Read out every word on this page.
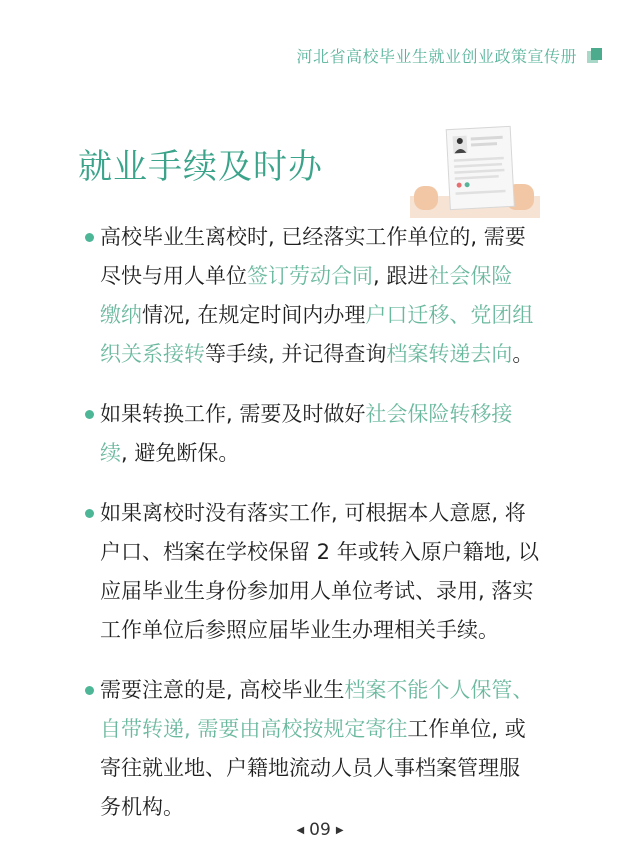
河北省高校毕业生就业创业政策宣传册
就业手续及时办
高校毕业生离校时, 已经落实工作单位的, 需要
尽快与用人单位签订劳动合同, 跟进社会保险
缴纳情况, 在规定时间内办理户口迁移、党团组
织关系接转等手续, 并记得查询档案转递去向。
如果转换工作, 需要及时做好社会保险转移接
续, 避免断保。
如果离校时没有落实工作, 可根据本人意愿, 将
户口、档案在学校保留 2 年或转入原户籍地, 以
应届毕业生身份参加用人单位考试、录用, 落实
工作单位后参照应届毕业生办理相关手续。
需要注意的是, 高校毕业生档案不能个人保管、
自带转递, 需要由高校按规定寄往工作单位, 或
寄往就业地、户籍地流动人员人事档案管理服
务机构。
◀ 09 ▶
